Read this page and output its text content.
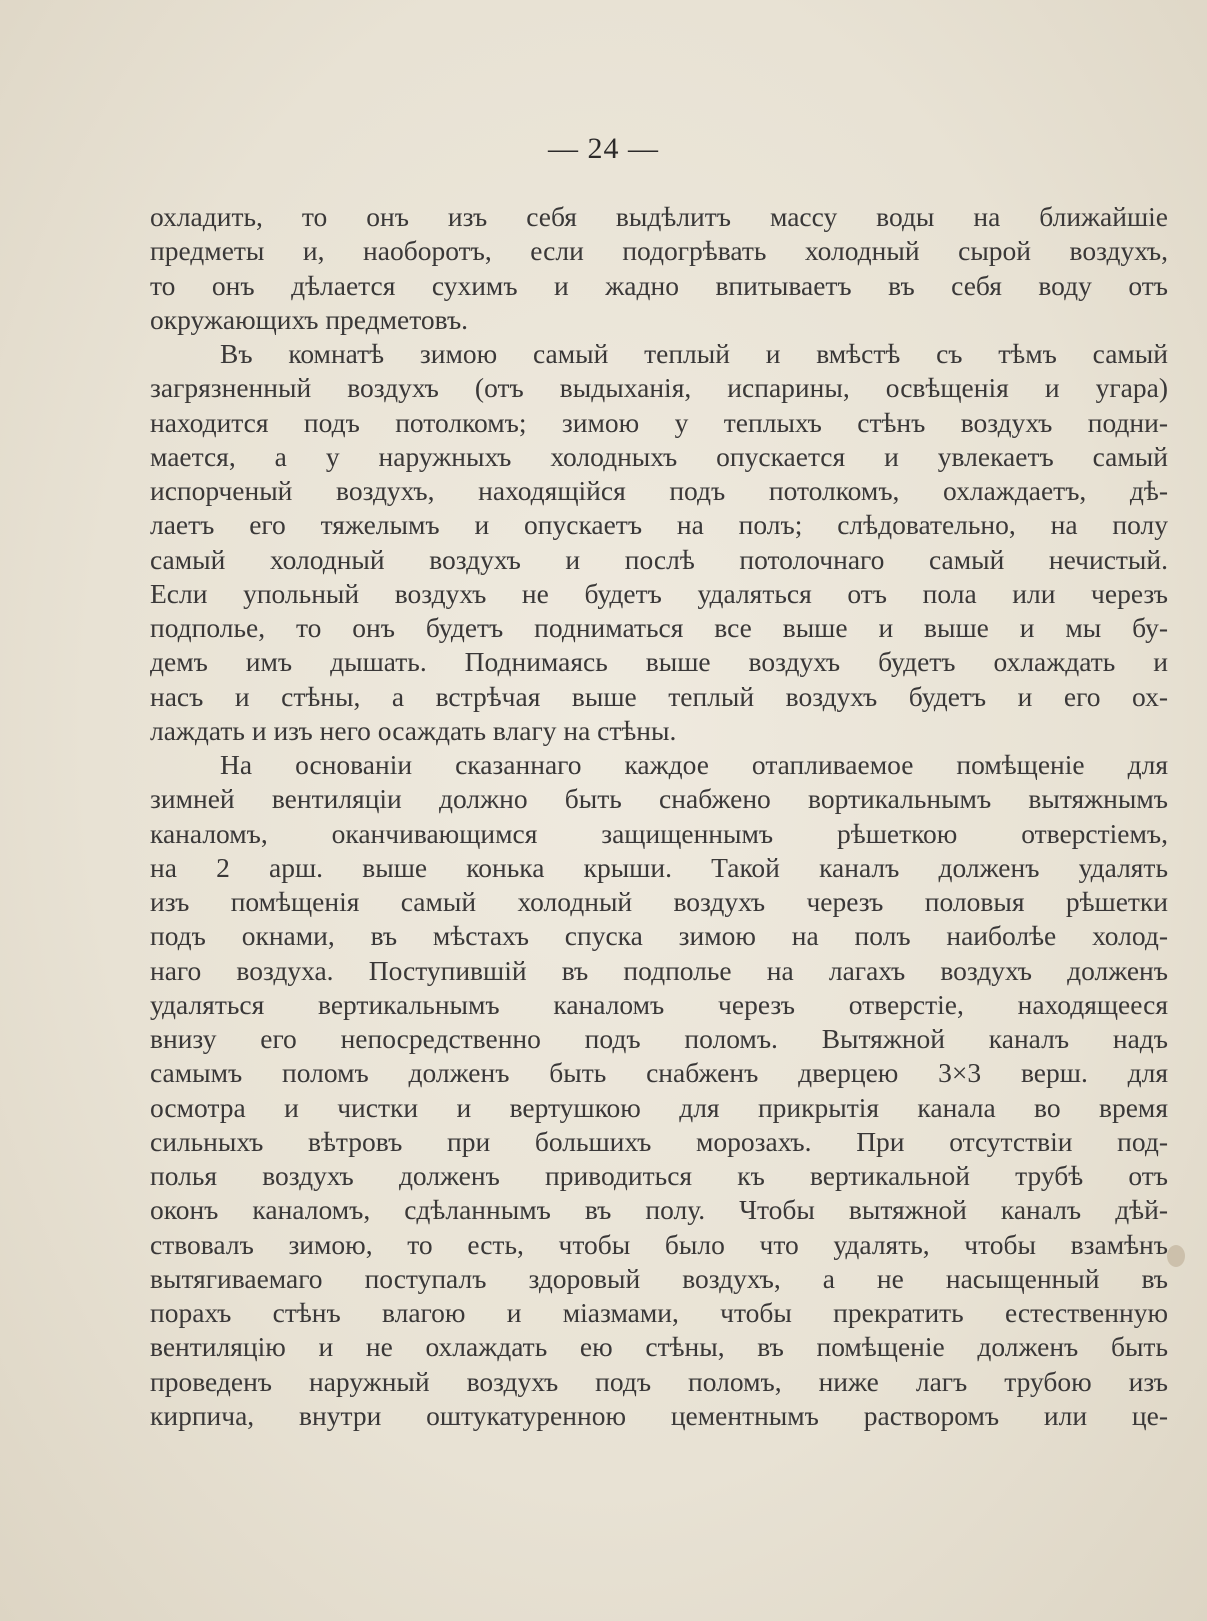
— 24 —
охладить, то онъ изъ себя выдѣлитъ массу воды на ближайшіе
предметы и, наоборотъ, если подогрѣвать холодный сырой воздухъ,
то онъ дѣлается сухимъ и жадно впитываетъ въ себя воду отъ
окружающихъ предметовъ.
Въ комнатѣ зимою самый теплый и вмѣстѣ съ тѣмъ самый
загрязненный воздухъ (отъ выдыханія, испарины, освѣщенія и угара)
находится подъ потолкомъ; зимою у теплыхъ стѣнъ воздухъ подни-
мается, а у наружныхъ холодныхъ опускается и увлекаетъ самый
испорченый воздухъ, находящійся подъ потолкомъ, охлаждаетъ, дѣ-
лаетъ его тяжелымъ и опускаетъ на полъ; слѣдовательно, на полу
самый холодный воздухъ и послѣ потолочнаго самый нечистый.
Если упольный воздухъ не будетъ удаляться отъ пола или черезъ
подполье, то онъ будетъ подниматься все выше и выше и мы бу-
демъ имъ дышать. Поднимаясь выше воздухъ будетъ охлаждать и
насъ и стѣны, а встрѣчая выше теплый воздухъ будетъ и его ох-
лаждать и изъ него осаждать влагу на стѣны.
На основаніи сказаннаго каждое отапливаемое помѣщеніе для
зимней вентиляціи должно быть снабжено вортикальнымъ вытяжнымъ
каналомъ, оканчивающимся защищеннымъ рѣшеткою отверстіемъ,
на 2 арш. выше конька крыши. Такой каналъ долженъ удалять
изъ помѣщенія самый холодный воздухъ черезъ половыя рѣшетки
подъ окнами, въ мѣстахъ спуска зимою на полъ наиболѣе холод-
наго воздуха. Поступившій въ подполье на лагахъ воздухъ долженъ
удаляться вертикальнымъ каналомъ черезъ отверстіе, находящееся
внизу его непосредственно подъ поломъ. Вытяжной каналъ надъ
самымъ поломъ долженъ быть снабженъ дверцею 3×3 верш. для
осмотра и чистки и вертушкою для прикрытія канала во время
сильныхъ вѣтровъ при большихъ морозахъ. При отсутствіи под-
полья воздухъ долженъ приводиться къ вертикальной трубѣ отъ
оконъ каналомъ, сдѣланнымъ въ полу. Чтобы вытяжной каналъ дѣй-
ствовалъ зимою, то есть, чтобы было что удалять, чтобы взамѣнъ
вытягиваемаго поступалъ здоровый воздухъ, а не насыщенный въ
порахъ стѣнъ влагою и міазмами, чтобы прекратить естественную
вентиляцію и не охлаждать ею стѣны, въ помѣщеніе долженъ быть
проведенъ наружный воздухъ подъ поломъ, ниже лагъ трубою изъ
кирпича, внутри оштукатуренною цементнымъ растворомъ или це-
